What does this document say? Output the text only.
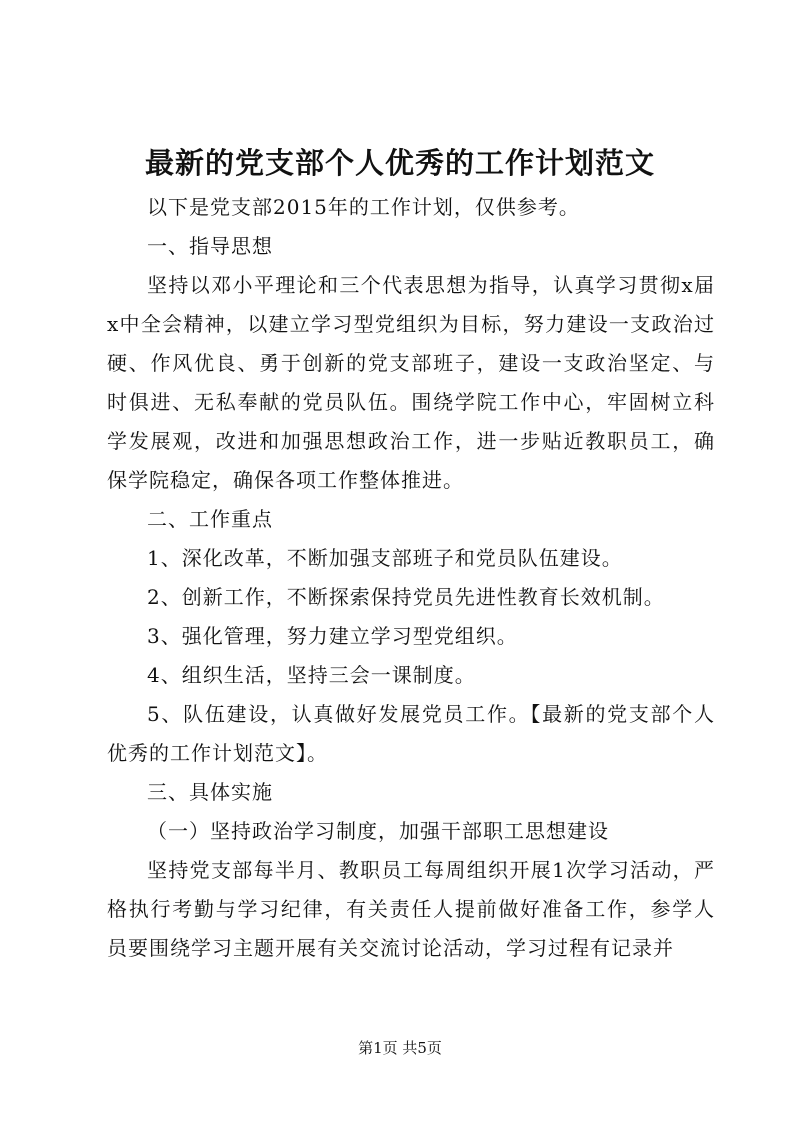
最新的党支部个人优秀的工作计划范文

以下是党支部2015年的工作计划，仅供参考。

一、指导思想

坚持以邓小平理论和三个代表思想为指导，认真学习贯彻x届x中全会精神，以建立学习型党组织为目标，努力建设一支政治过硬、作风优良、勇于创新的党支部班子，建设一支政治坚定、与时俱进、无私奉献的党员队伍。围绕学院工作中心，牢固树立科学发展观，改进和加强思想政治工作，进一步贴近教职员工，确保学院稳定，确保各项工作整体推进。

二、工作重点

1、深化改革，不断加强支部班子和党员队伍建设。

2、创新工作，不断探索保持党员先进性教育长效机制。

3、强化管理，努力建立学习型党组织。

4、组织生活，坚持三会一课制度。

5、队伍建设，认真做好发展党员工作。【最新的党支部个人优秀的工作计划范文】。

三、具体实施

（一）坚持政治学习制度，加强干部职工思想建设

坚持党支部每半月、教职员工每周组织开展1次学习活动，严格执行考勤与学习纪律，有关责任人提前做好准备工作，参学人员要围绕学习主题开展有关交流讨论活动，学习过程有记录并

第1页 共5页
